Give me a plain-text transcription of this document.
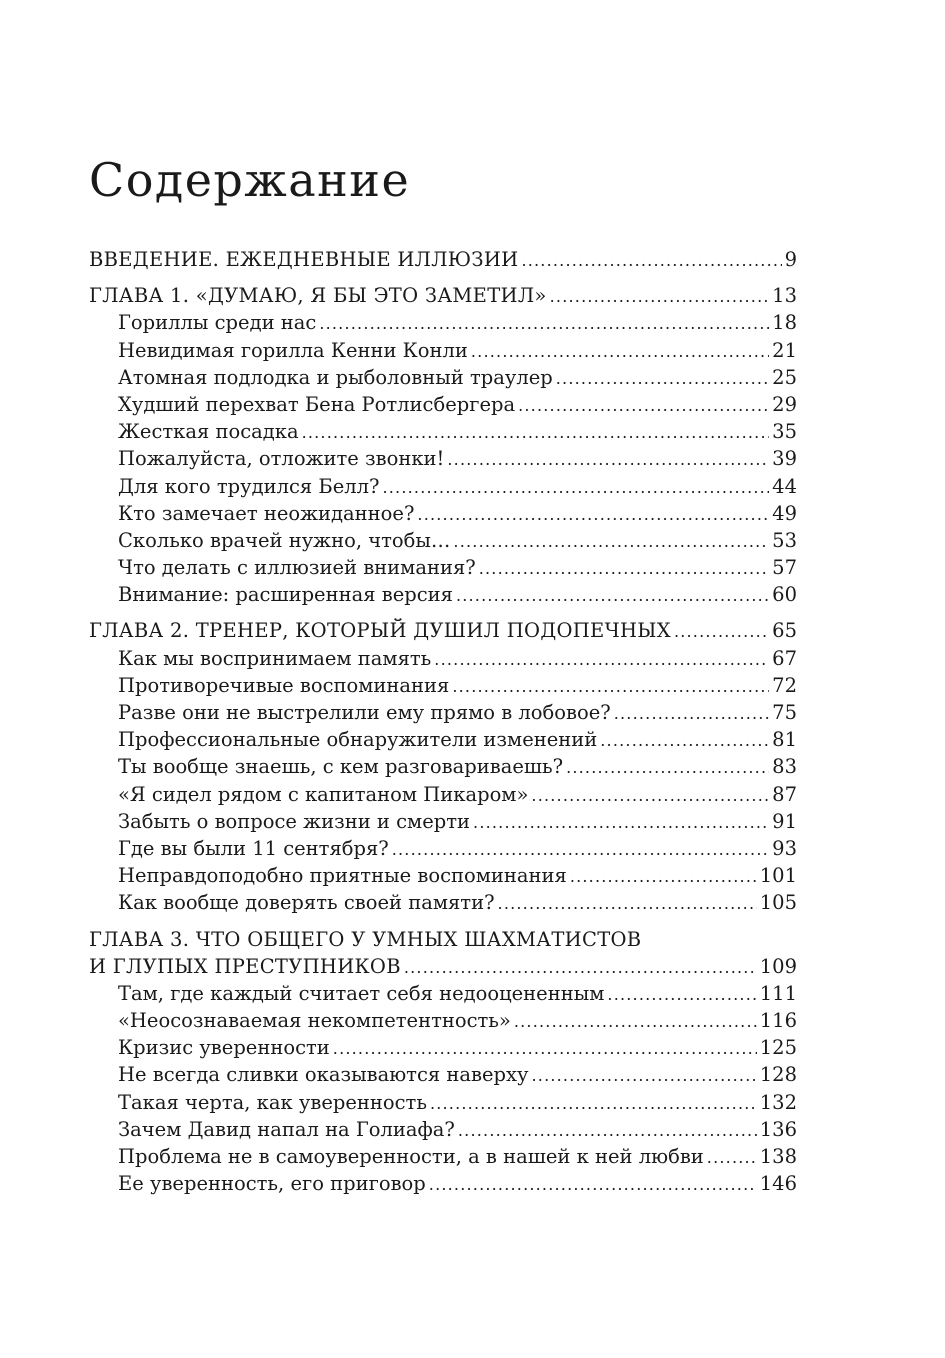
Содержание
ВВЕДЕНИЕ. ЕЖЕДНЕВНЫЕ ИЛЛЮЗИИ .....	9
ГЛАВА 1. «ДУМАЮ, Я БЫ ЭТО ЗАМЕТИЛ» .....	13
Гориллы среди нас .....	18
Невидимая горилла Кенни Конли .....	21
Атомная подлодка и рыболовный траулер .....	25
Худший перехват Бена Ротлисбергера .....	29
Жесткая посадка .....	35
Пожалуйста, отложите звонки! .....	39
Для кого трудился Белл? .....	44
Кто замечает неожиданное? .....	49
Сколько врачей нужно, чтобы… .....	53
Что делать с иллюзией внимания? .....	57
Внимание: расширенная версия .....	60
ГЛАВА 2. ТРЕНЕР, КОТОРЫЙ ДУШИЛ ПОДОПЕЧНЫХ .....	65
Как мы воспринимаем память .....	67
Противоречивые воспоминания .....	72
Разве они не выстрелили ему прямо в лобовое? .....	75
Профессиональные обнаружители изменений .....	81
Ты вообще знаешь, с кем разговариваешь? .....	83
«Я сидел рядом с капитаном Пикаром» .....	87
Забыть о вопросе жизни и смерти .....	91
Где вы были 11 сентября? .....	93
Неправдоподобно приятные воспоминания .....	101
Как вообще доверять своей памяти? .....	105
ГЛАВА 3. ЧТО ОБЩЕГО У УМНЫХ ШАХМАТИСТОВ
И ГЛУПЫХ ПРЕСТУПНИКОВ .....	109
Там, где каждый считает себя недооцененным .....	111
«Неосознаваемая некомпетентность» .....	116
Кризис уверенности .....	125
Не всегда сливки оказываются наверху .....	128
Такая черта, как уверенность .....	132
Зачем Давид напал на Голиафа? .....	136
Проблема не в самоуверенности, а в нашей к ней любви .....	138
Ее уверенность, его приговор .....	146
